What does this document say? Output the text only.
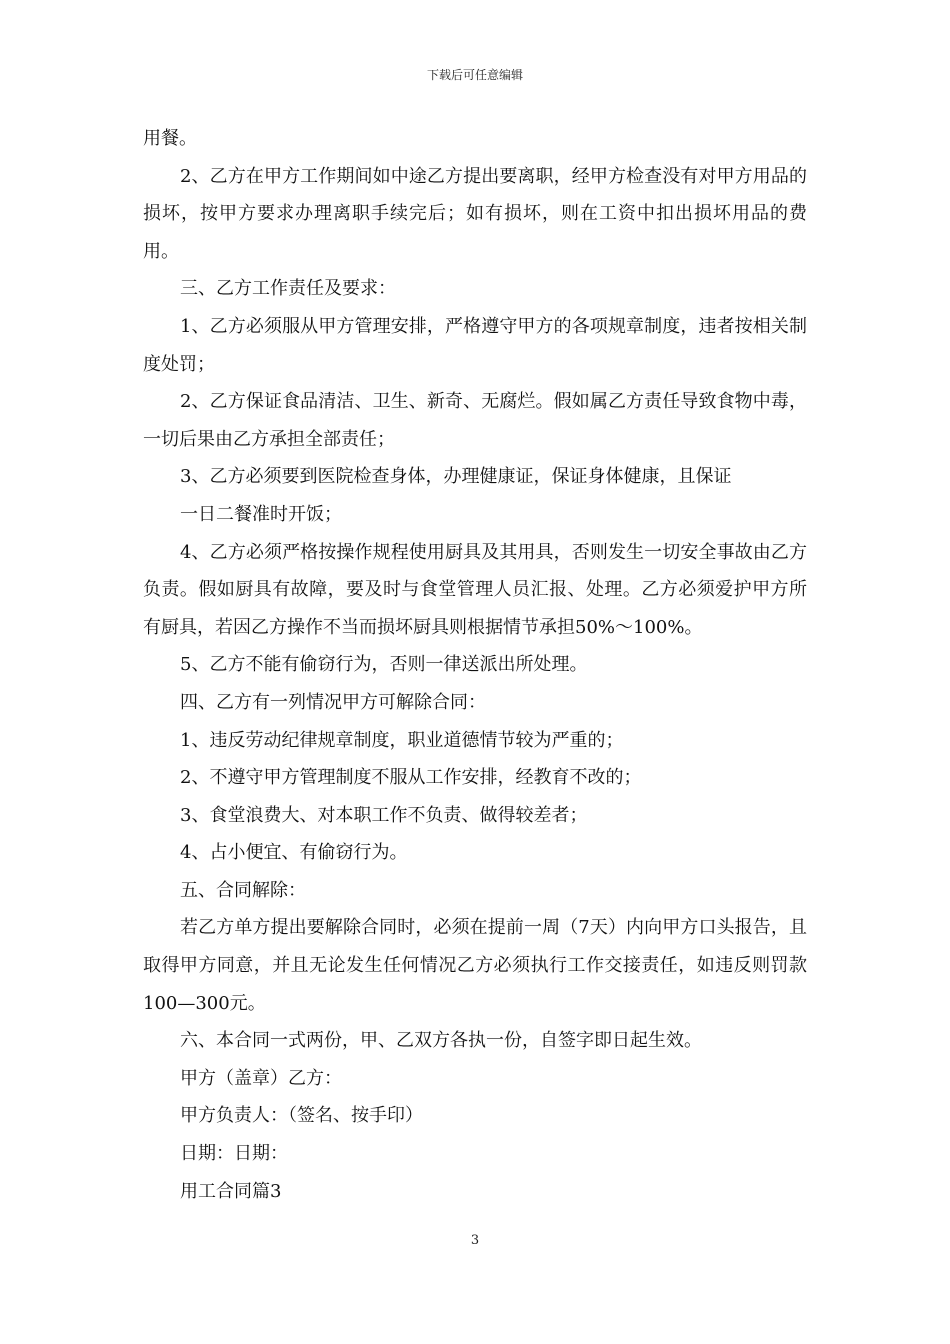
下载后可任意编辑

用餐。

2、乙方在甲方工作期间如中途乙方提出要离职，经甲方检查没有对甲方用品的损坏，按甲方要求办理离职手续完后；如有损坏，则在工资中扣出损坏用品的费用。

三、乙方工作责任及要求：

1、乙方必须服从甲方管理安排，严格遵守甲方的各项规章制度，违者按相关制度处罚；

2、乙方保证食品清洁、卫生、新奇、无腐烂。假如属乙方责任导致食物中毒，一切后果由乙方承担全部责任；

3、乙方必须要到医院检查身体，办理健康证，保证身体健康，且保证

一日二餐准时开饭；

4、乙方必须严格按操作规程使用厨具及其用具，否则发生一切安全事故由乙方负责。假如厨具有故障，要及时与食堂管理人员汇报、处理。乙方必须爱护甲方所有厨具，若因乙方操作不当而损坏厨具则根据情节承担50%～100%。

5、乙方不能有偷窃行为，否则一律送派出所处理。

四、乙方有一列情况甲方可解除合同：

1、违反劳动纪律规章制度，职业道德情节较为严重的；

2、不遵守甲方管理制度不服从工作安排，经教育不改的；

3、食堂浪费大、对本职工作不负责、做得较差者；

4、占小便宜、有偷窃行为。

五、合同解除：

若乙方单方提出要解除合同时，必须在提前一周（7天）内向甲方口头报告，且取得甲方同意，并且无论发生任何情况乙方必须执行工作交接责任，如违反则罚款100—300元。

六、本合同一式两份，甲、乙双方各执一份，自签字即日起生效。

甲方（盖章）乙方：

甲方负责人：（签名、按手印）

日期：日期：

用工合同篇3

3
